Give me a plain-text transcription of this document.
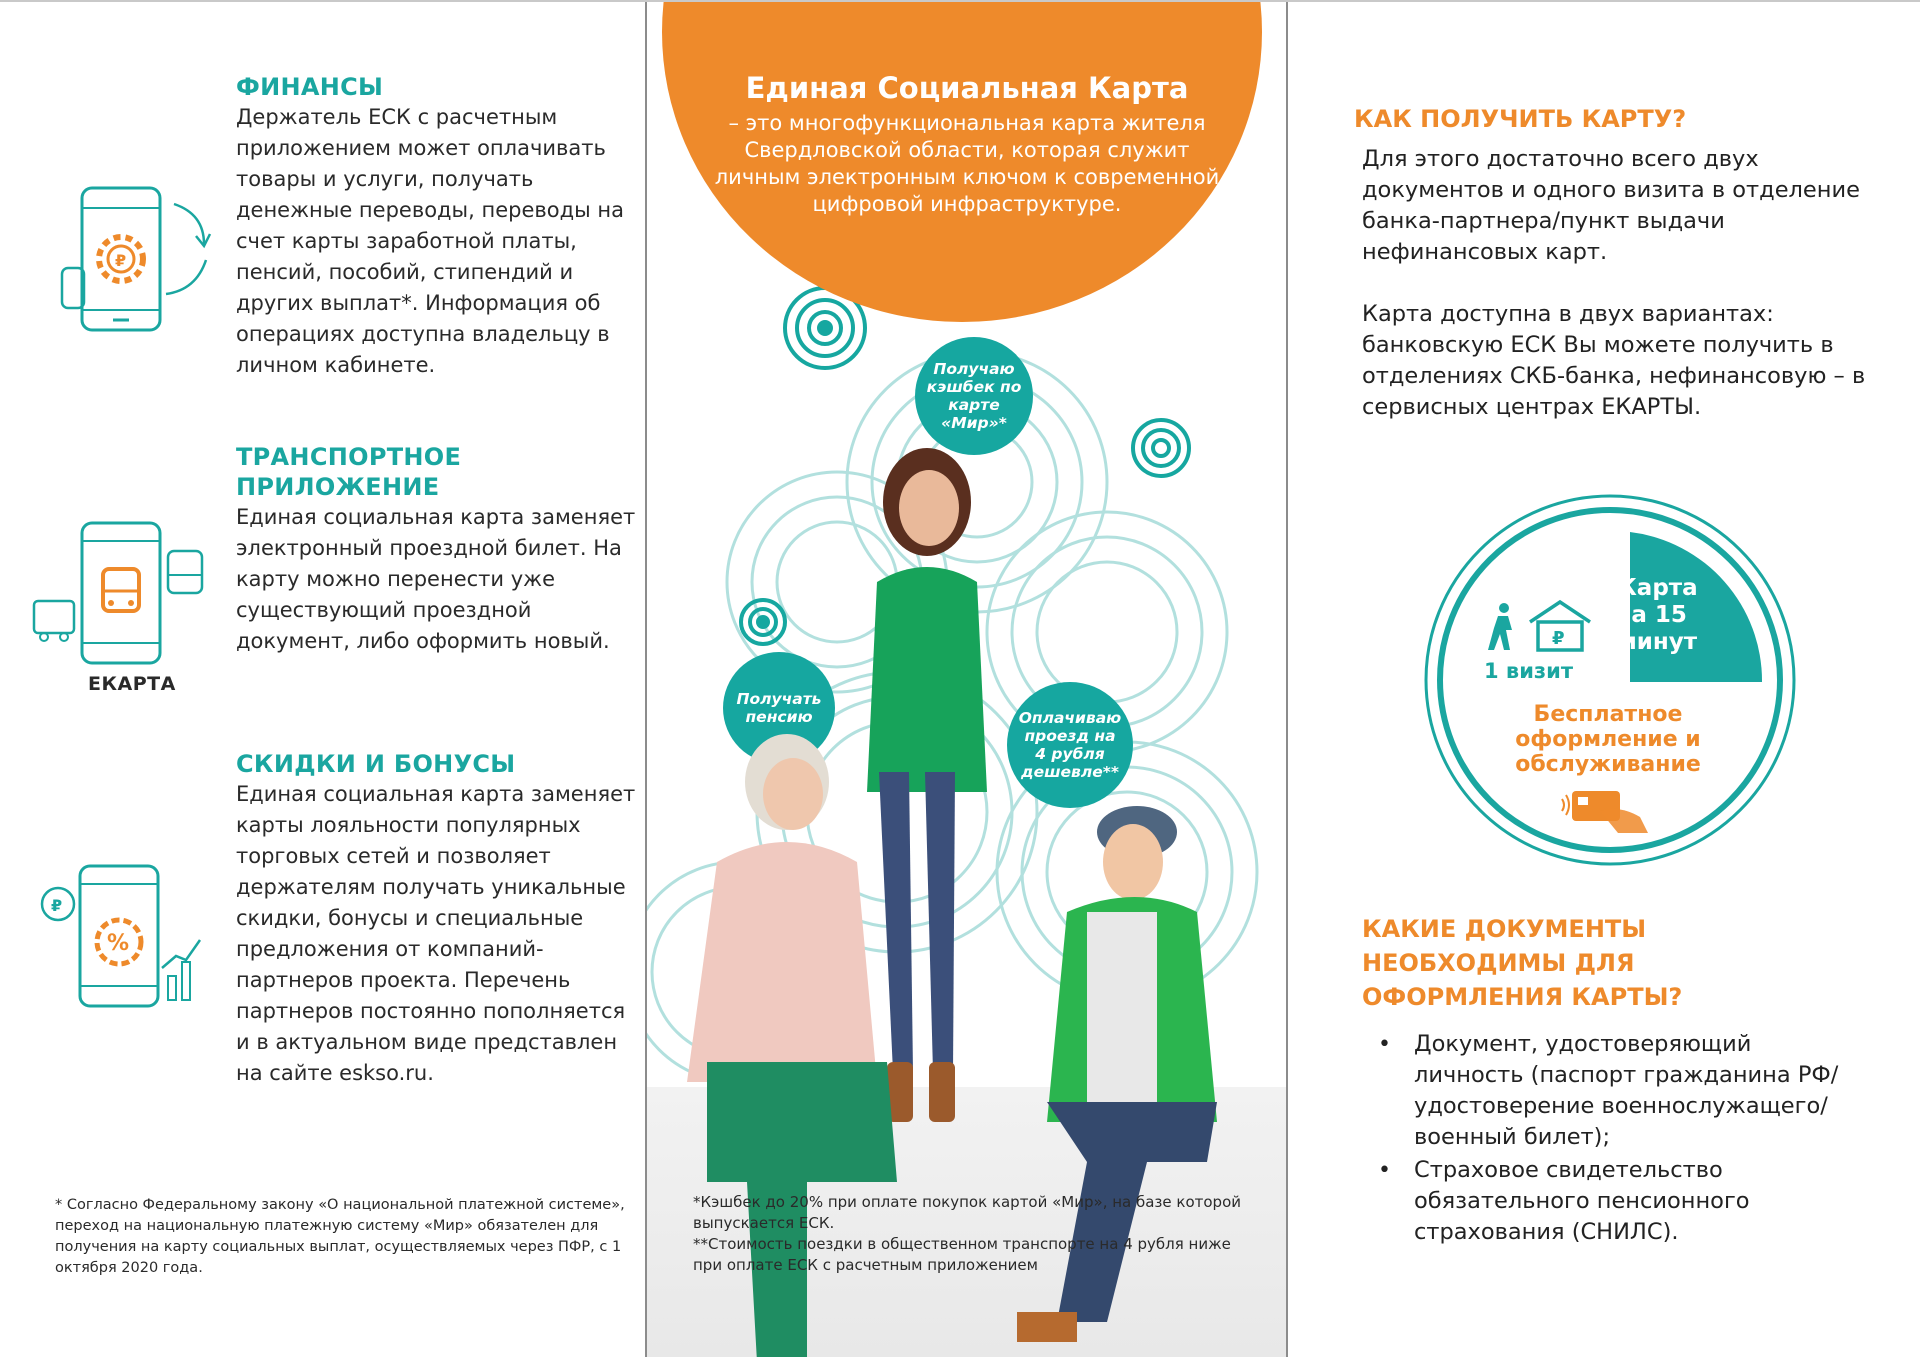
₽
ФИНАНСЫ

Держатель ЕСК с расчетным приложением может оплачивать товары и услуги, получать денежные переводы, переводы на счет карты заработной платы, пенсий, пособий, стипендий и других выплат*. Информация об операциях доступна владельцу в личном кабинете.

ЕКАРТА
ТРАНСПОРТНОЕ
ПРИЛОЖЕНИЕ

Единая социальная карта заменяет электронный проездной билет. На карту можно перенести уже существующий проездной документ, либо оформить новый.

%
₽
СКИДКИ И БОНУСЫ

Единая социальная карта заменяет карты лояльности популярных торговых сетей и позволяет держателям получать уникальные скидки, бонусы и специальные предложения от компаний-партнеров проекта. Перечень партнеров постоянно пополняется и в актуальном виде представлен на сайте eskso.ru.

* Согласно Федеральному закону «О национальной платежной системе», переход на национальную платежную систему «Мир» обязателен для получения на карту социальных выплат, осуществляемых через ПФР, с 1 октября 2020 года.
Единая Социальная Карта
– это многофункциональная карта жителя Свердловской области, которая служит личным электронным ключом к современной цифровой инфраструктуре.
Получаю кэшбек по карте «Мир»*
Получать пенсию	Оплачиваю проезд на 4 рубля дешевле**
*Кэшбек до 20% при оплате покупок картой «Мир», на базе которой выпускается ЕСК.
**Стоимость поездки в общественном транспорте на 4 рубля ниже при оплате ЕСК с расчетным приложением
КАК ПОЛУЧИТЬ КАРТУ?

Для этого достаточно всего двух документов и одного визита в отделение банка-партнера/пункт выдачи нефинансовых карт.

Карта доступна в двух вариантах: банковскую ЕСК Вы можете получить в отделениях СКБ-банка, нефинансовую – в сервисных центрах ЕКАРТЫ.

₽
Карта
за 15
минут
1 визит
Бесплатное оформление и обслуживание
КАКИЕ ДОКУМЕНТЫ
НЕОБХОДИМЫ ДЛЯ
ОФОРМЛЕНИЯ КАРТЫ?
• Документ, удостоверяющий личность (паспорт гражданина РФ/удостоверение военнослужащего/военный билет);
• Страховое свидетельство обязательного пенсионного страхования (СНИЛС).
